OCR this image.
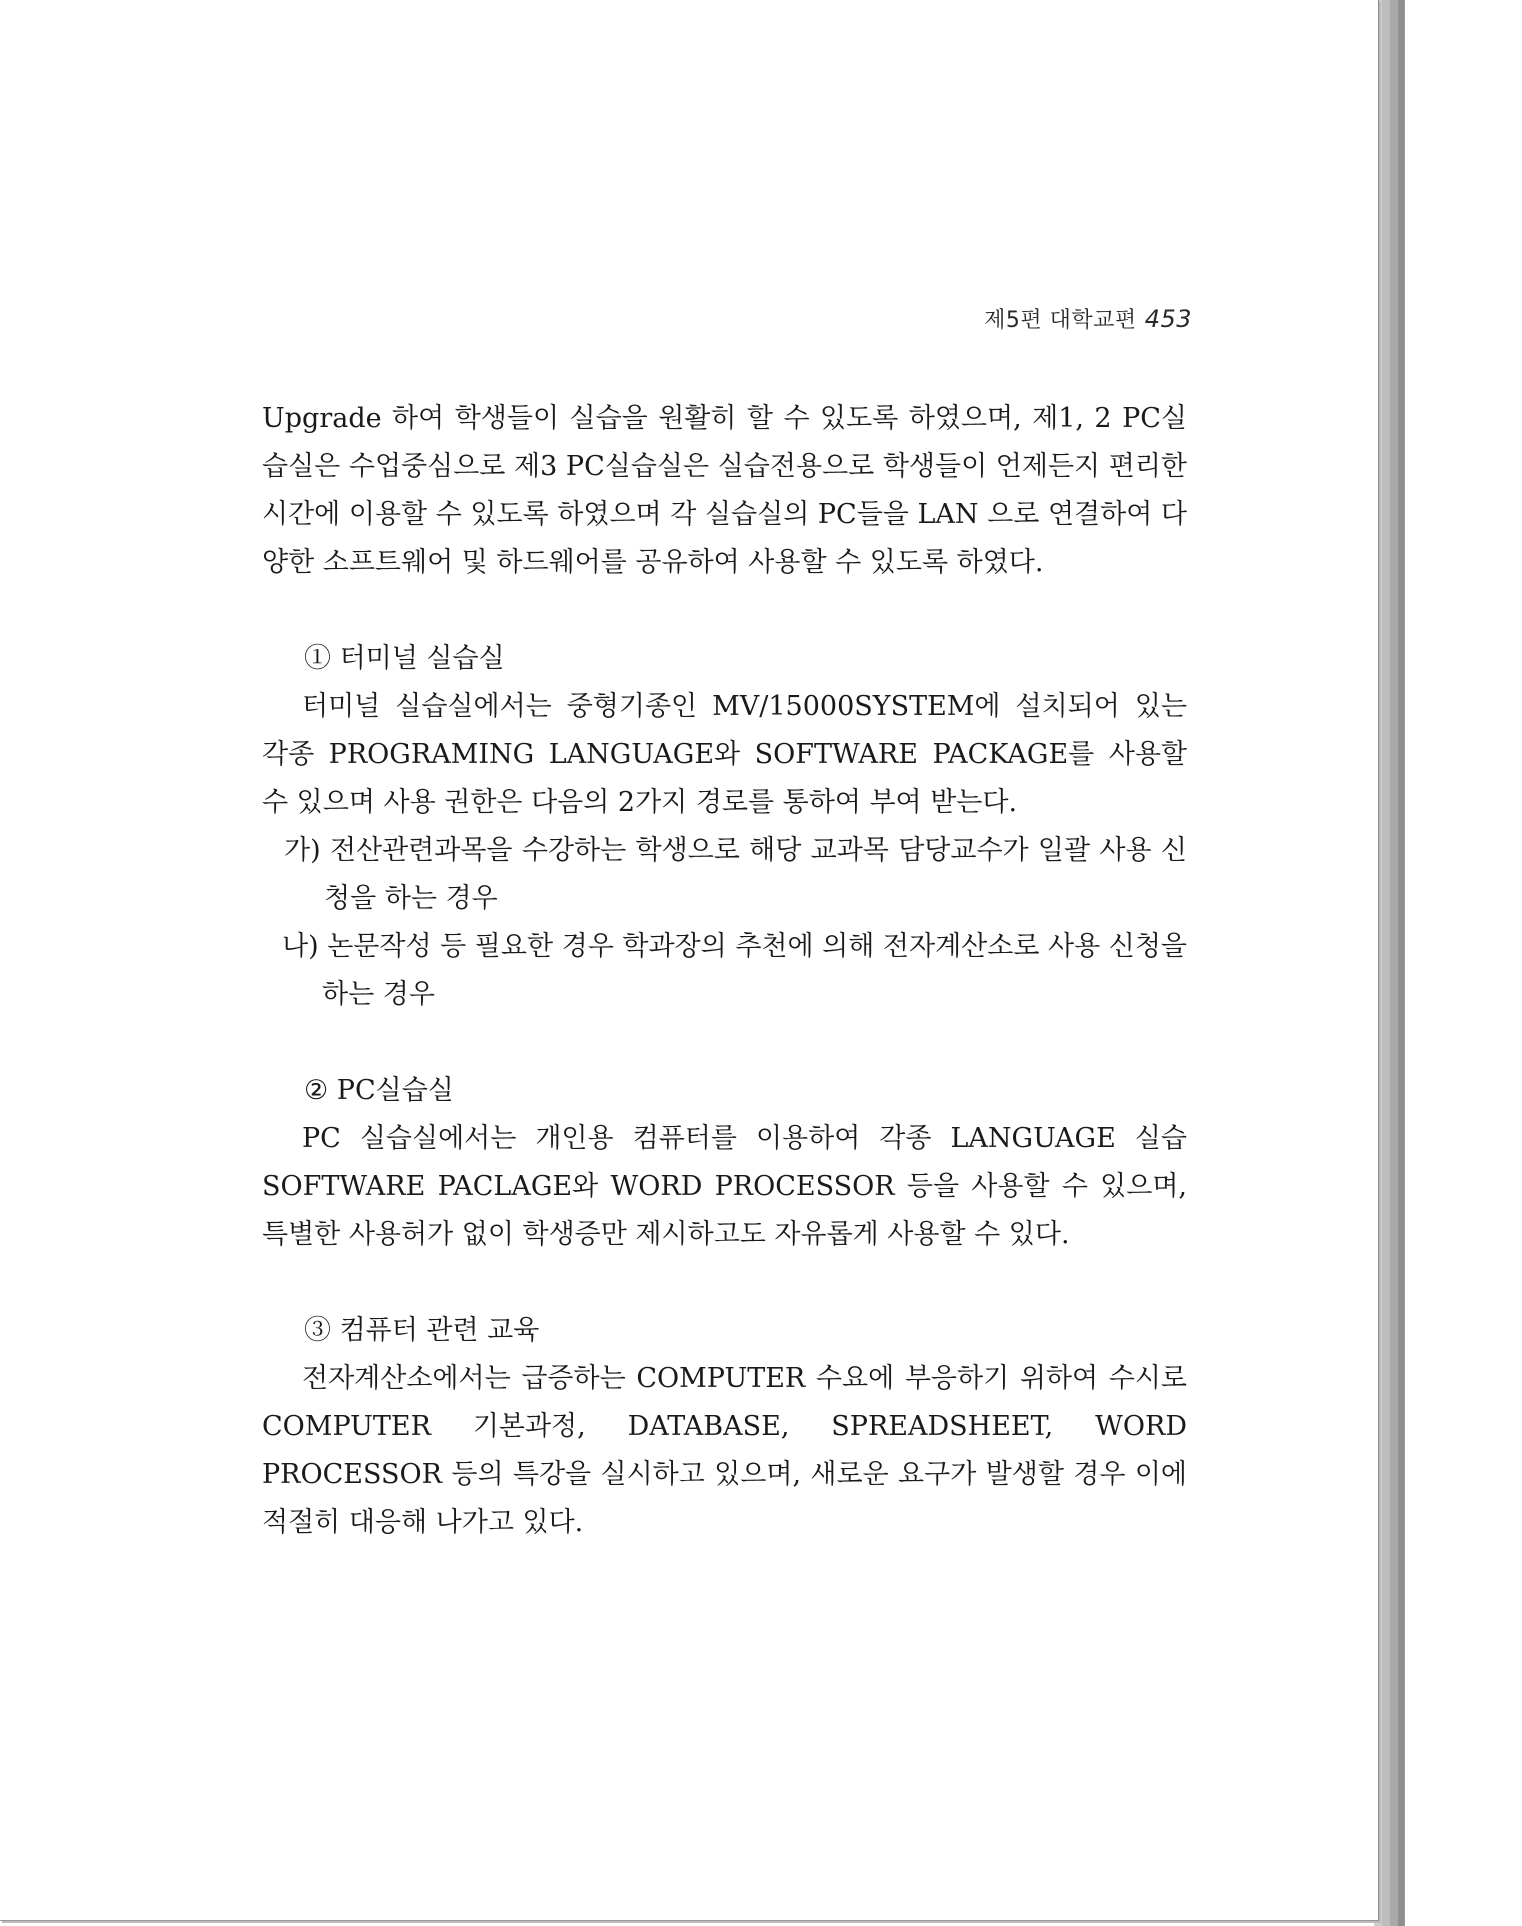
제5편 대학교편 453

Upgrade 하여 학생들이 실습을 원활히 할 수 있도록 하였으며, 제1, 2 PC실습실은 수업중심으로 제3 PC실습실은 실습전용으로 학생들이 언제든지 편리한 시간에 이용할 수 있도록 하였으며 각 실습실의 PC들을 LAN 으로 연결하여 다양한 소프트웨어 및 하드웨어를 공유하여 사용할 수 있도록 하였다.

① 터미널 실습실

터미널 실습실에서는 중형기종인 MV/15000SYSTEM에 설치되어 있는 각종 PROGRAMING LANGUAGE와 SOFTWARE PACKAGE를 사용할 수 있으며 사용 권한은 다음의 2가지 경로를 통하여 부여 받는다.

가) 전산관련과목을 수강하는 학생으로 해당 교과목 담당교수가 일괄 사용 신청을 하는 경우

나) 논문작성 등 필요한 경우 학과장의 추천에 의해 전자계산소로 사용 신청을 하는 경우

② PC실습실

PC 실습실에서는 개인용 컴퓨터를 이용하여 각종 LANGUAGE 실습 SOFTWARE PACLAGE와 WORD PROCESSOR 등을 사용할 수 있으며, 특별한 사용허가 없이 학생증만 제시하고도 자유롭게 사용할 수 있다.

③ 컴퓨터 관련 교육

전자계산소에서는 급증하는 COMPUTER 수요에 부응하기 위하여 수시로 COMPUTER 기본과정, DATABASE, SPREADSHEET, WORD PROCESSOR 등의 특강을 실시하고 있으며, 새로운 요구가 발생할 경우 이에 적절히 대응해 나가고 있다.
